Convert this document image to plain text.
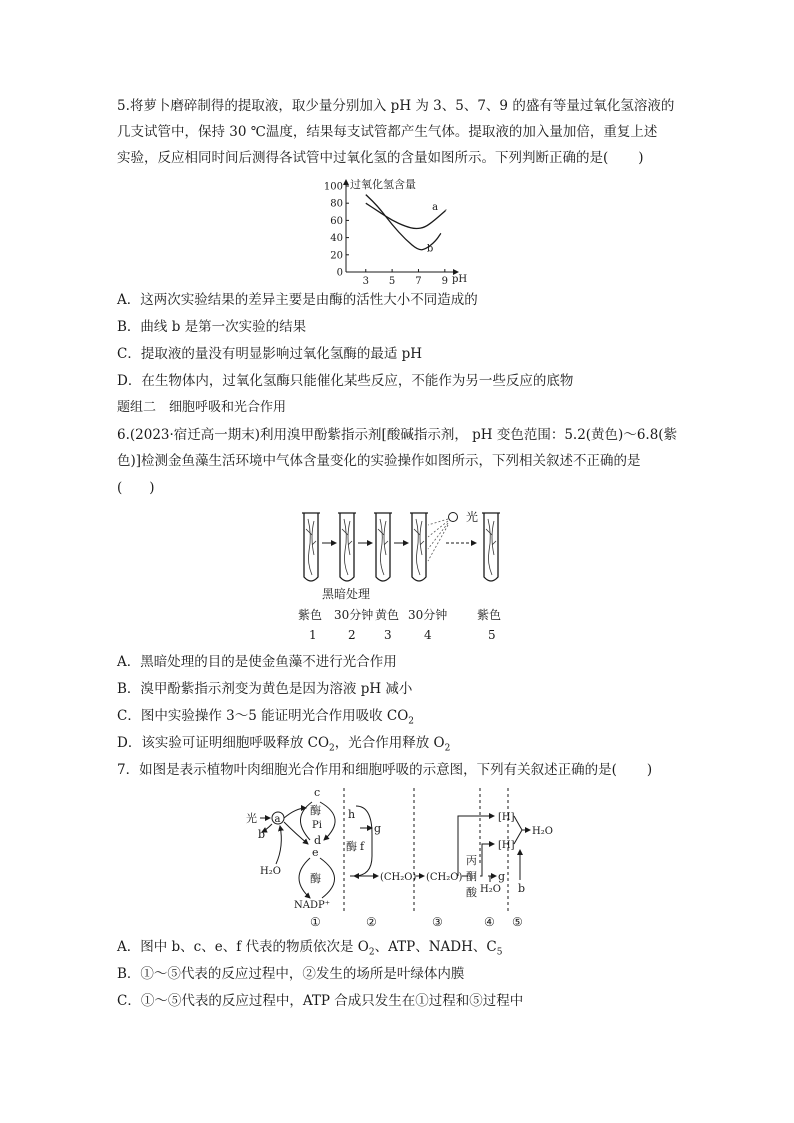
5.将萝卜磨碎制得的提取液，取少量分别加入 pH 为 3、5、7、9 的盛有等量过氧化氢溶液的
几支试管中，保持 30 ℃温度，结果每支试管都产生气体。提取液的加入量加倍，重复上述
实验，反应相同时间后测得各试管中过氧化氢的含量如图所示。下列判断正确的是( )
过氧化氢含量
pH
0
20
40
60
80
100
3 5 7 9
a
b
A．这两次实验结果的差异主要是由酶的活性大小不同造成的
B．曲线 b 是第一次实验的结果
C．提取液的量没有明显影响过氧化氢酶的最适 pH
D．在生物体内，过氧化氢酶只能催化某些反应，不能作为另一些反应的底物
题组二　细胞呼吸和光合作用
6.(2023·宿迁高一期末)利用溴甲酚紫指示剂[酸碱指示剂， pH 变色范围：5.2(黄色)～6.8(紫
色)]检测金鱼藻生活环境中气体含量变化的实验操作如图所示，下列相关叙述不正确的是
(　　)
光
黑暗处理
紫色 30分钟 黄色 30分钟 紫色
1	2 3	4	5
A．黑暗处理的目的是使金鱼藻不进行光合作用
B．溴甲酚紫指示剂变为黄色是因为溶液 pH 减小
C．图中实验操作 3～5 能证明光合作用吸收 $CO_2$
D．该实验可证明细胞呼吸释放 $CO_2$，光合作用释放 $O_2$
7．如图是表示植物叶肉细胞光合作用和细胞呼吸的示意图，下列有关叙述正确的是( )
光 a
b
H₂O
c
酶
Pi
d
e
酶
NADP⁺
h
g
酶 f
(CH₂O) (CH₂O)
丙
酮
酸
[H]
[H]
g
H₂O
H₂O
b
①	②	③	④ ⑤
A．图中 b、c、e、f 代表的物质依次是 $O_2$、ATP、NADH、$C_5$
B．①～⑤代表的反应过程中，②发生的场所是叶绿体内膜
C．①～⑤代表的反应过程中，ATP 合成只发生在①过程和⑤过程中
